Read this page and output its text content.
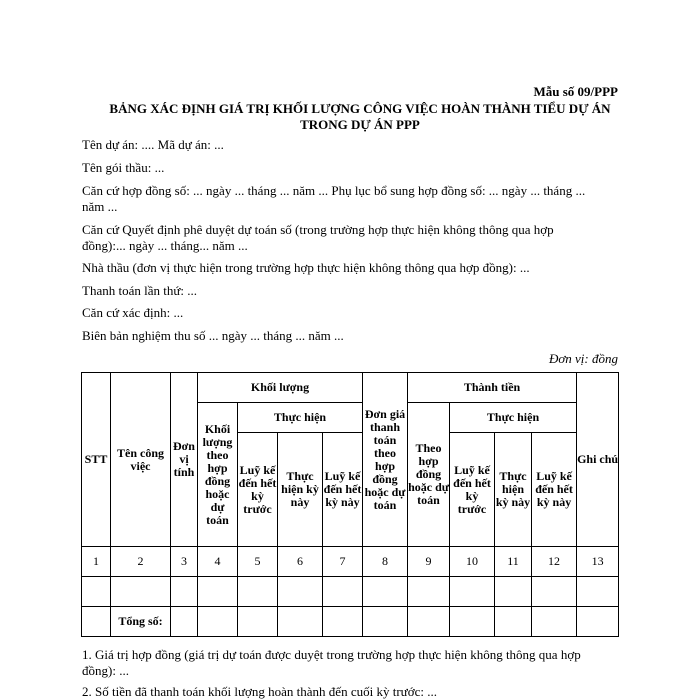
Mẫu số 09/PPP
BẢNG XÁC ĐỊNH GIÁ TRỊ KHỐI LƯỢNG CÔNG VIỆC HOÀN THÀNH TIỂU DỰ ÁN
TRONG DỰ ÁN PPP
Tên dự án: .... Mã dự án: ...
Tên gói thầu: ...
Căn cứ hợp đồng số: ... ngày ... tháng ... năm ... Phụ lục bổ sung hợp đồng số: ... ngày ... tháng ...
năm ...
Căn cứ Quyết định phê duyệt dự toán số (trong trường hợp thực hiện không thông qua hợp
đồng):... ngày ... tháng... năm ...
Nhà thầu (đơn vị thực hiện trong trường hợp thực hiện không thông qua hợp đồng): ...
Thanh toán lần thứ: ...
Căn cứ xác định: ...
Biên bản nghiệm thu số ... ngày ... tháng ... năm ...
Đơn vị: đồng
STT	Tên công việc	Đơn vị tính	Khối lượng				Đơn giá thanh toán theo hợp đồng hoặc dự toán	Thành tiền				Ghi chú
			Khối lượng theo hợp đồng hoặc dự toán	Thực hiện				Theo hợp đồng hoặc dự toán	Thực hiện			
				Luỹ kế đến hết kỳ trước	Thực hiện kỳ này	Luỹ kế đến hết kỳ này			Luỹ kế đến hết kỳ trước	Thực hiện kỳ này	Luỹ kế đến hết kỳ này	
1	2	3	4	5	6	7	8	9	10	11	12	13

	Tổng số:											
1. Giá trị hợp đồng (giá trị dự toán được duyệt trong trường hợp thực hiện không thông qua hợp
đồng): ...
2. Số tiền đã thanh toán khối lượng hoàn thành đến cuối kỳ trước: ...
